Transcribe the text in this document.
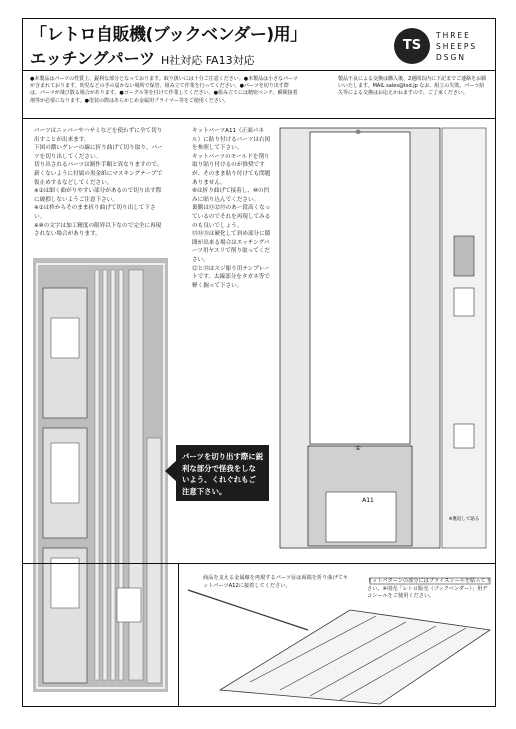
「レトロ自販機(ブックベンダー)用」
エッチングパーツ H社対応 FA13対応
TS
THREE
SHEEPS
DSGN
●本製品はパーツの性質上、鋭利な部分となっております。取り扱いには十分ご注意ください。●本製品は小さなパーツが含まれております。幼児などの手の届かない場所で保管、組み立て作業を行ってください。●パーツを切り出す際は、パーツが飛び散る場合があります。●ゴーグル等を付けて作業してください。●組み立てには精密ペンチ、瞬間接着剤等が必要になります。●塗装の際はあらかじめ金属用プライマー等をご使用ください。
製品不良による交換は購入後、2週間以内に下記までご連絡をお願いいたします。MAIL sales@tsd.jp なお、組立の失敗、パーツ紛失等による交換はお応えかねますので、ご了承ください。
パーツはニッパーやハサミなどを使わずに全て切り出すことが出来ます。
下図の濃いグレーの線に折り曲げて切り取り、パーツを切り出してください。
切り出されるパーツは制作手順と異なりますので、新くないように付属の黒金紙にマスキングテープで仮止めするなどしてください。
※①は細く曲がりやすい部分があるので切り出す際に破損しないようご注意下さい。
※①は枠からそのまま折り曲げて切り出して下さい。
※⑩の文字は加工精度の限界以下なので完全に再現されない場合があります。
キットパーツA11（正面パネル）に貼り付けるパーツは右図を参照して下さい。
キットパーツのモールドを削り取り貼り付けるのが推奨ですが、そのまま貼り付けても問題ありません。
⑥は折り曲げて接着し、⑩の凹みに貼り込んでください。
裏側は⑪⑫⑬のあー段高くなっているのでそれを再現してみるのも良いでしょう。
⑬⑭⑮は硬化して斜め部分に隙間が出来る場合はエッチングパーツ用ヤスリで削り取ってください。
⑫と⑬はスジ彫り用テンプレートです。太線部分をタガネ等で軽く掘って下さい。
パーツを切り出す際に鋭利な部分で怪我をしないよう、くれぐれもご注意下さい。
⑦
①
A11
※裏返して貼る
商品を支える金属線を再現するパーツ⑯は両端を折り曲げてキットパーツA12に接着してください。
ドットパターンの部分にはプライスシールを貼って下さい。※別売「レトロ販売（ブックベンダー）」用デコシールをご使用ください。
